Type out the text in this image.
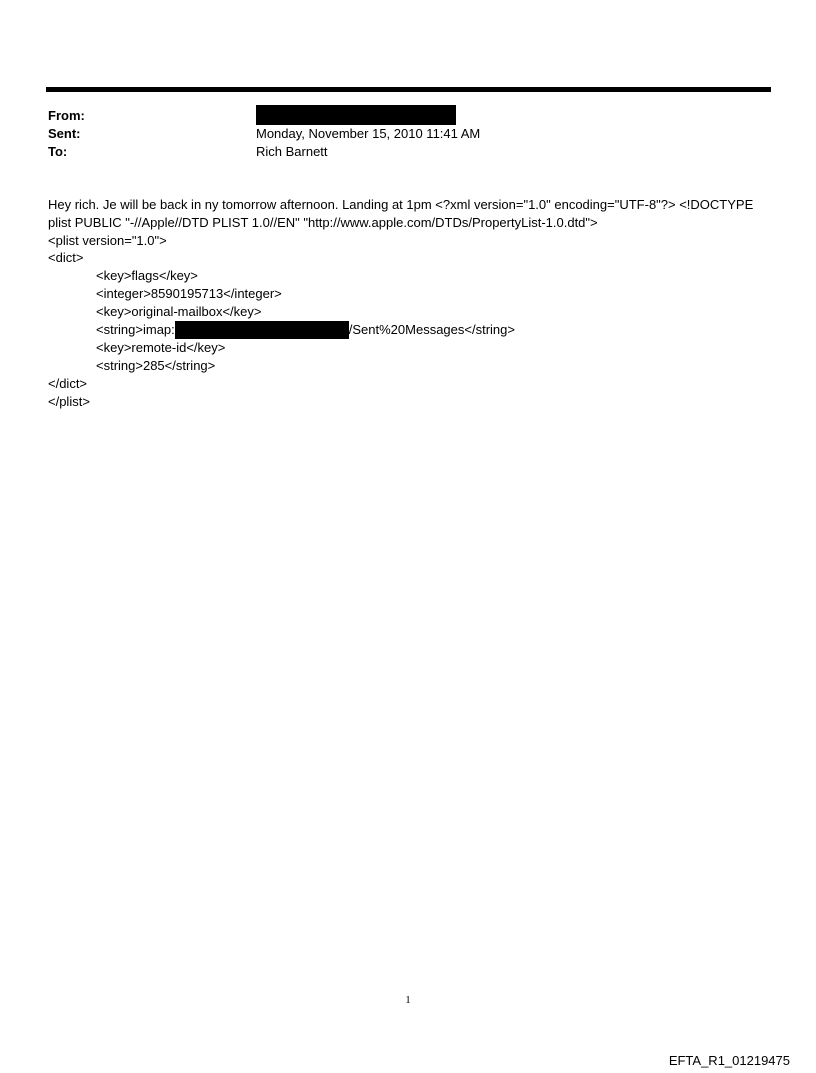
From:
Sent:	Monday, November 15, 2010 11:41 AM
To:	Rich Barnett
Hey rich. Je will be back in ny tomorrow afternoon. Landing at 1pm <?xml version="1.0" encoding="UTF-8"?> <!DOCTYPE
plist PUBLIC "-//Apple//DTD PLIST 1.0//EN" "http://www.apple.com/DTDs/PropertyList-1.0.dtd">
<plist version="1.0">
<dict>
<key>flags</key>
<integer>8590195713</integer>
<key>original-mailbox</key>
<string>imap:	/Sent%20Messages</string>
<key>remote-id</key>
<string>285</string>
</dict>
</plist>
1
EFTA_R1_01219475
